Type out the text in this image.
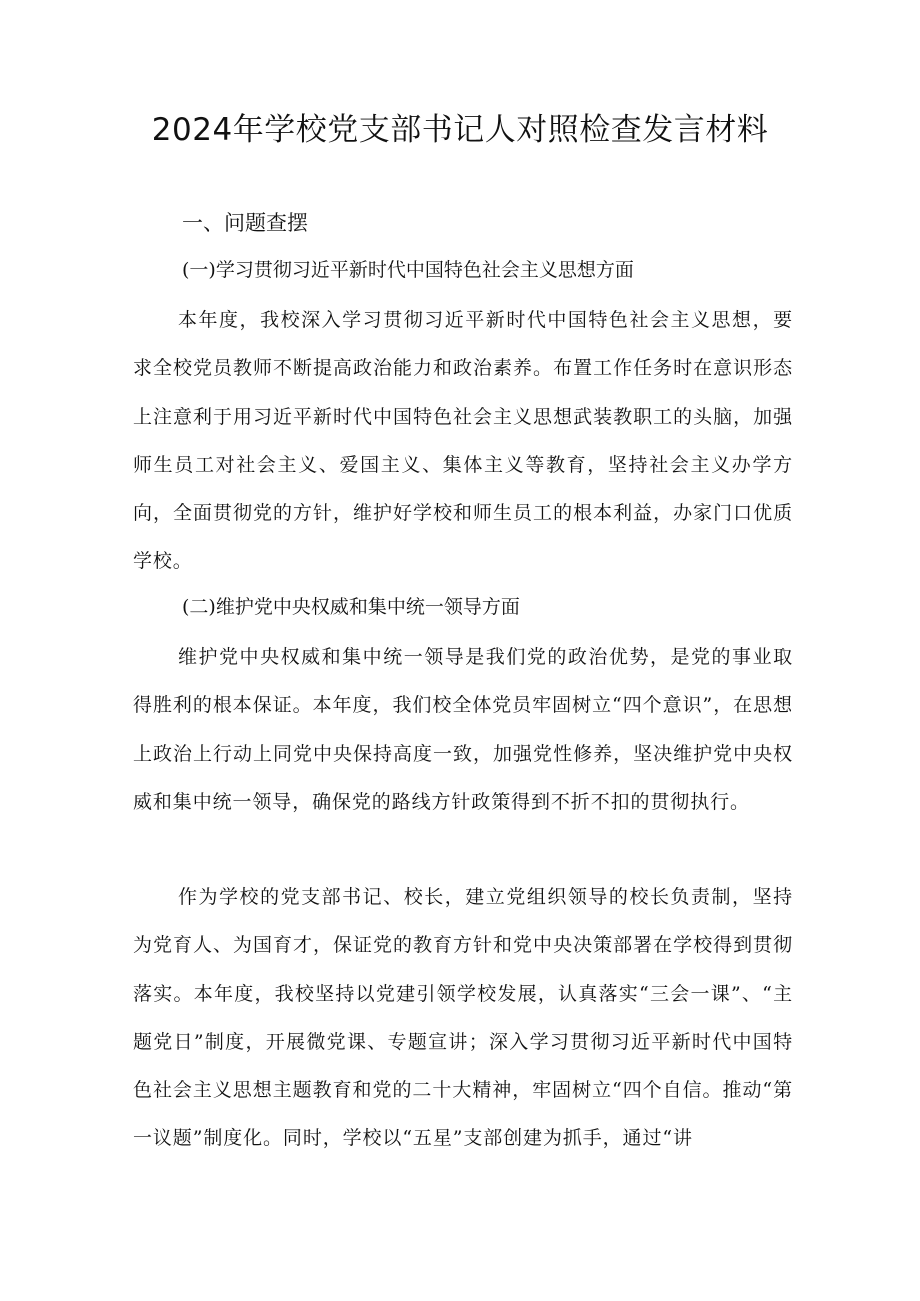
2024年学校党支部书记人对照检查发言材料
一、问题查摆
(一)学习贯彻习近平新时代中国特色社会主义思想方面

本年度，我校深入学习贯彻习近平新时代中国特色社会主义思想，要求全校党员教师不断提高政治能力和政治素养。布置工作任务时在意识形态上注意利于用习近平新时代中国特色社会主义思想武装教职工的头脑，加强师生员工对社会主义、爱国主义、集体主义等教育，坚持社会主义办学方向，全面贯彻党的方针，维护好学校和师生员工的根本利益，办家门口优质学校。

(二)维护党中央权威和集中统一领导方面

维护党中央权威和集中统一领导是我们党的政治优势，是党的事业取得胜利的根本保证。本年度，我们校全体党员牢固树立“四个意识”，在思想上政治上行动上同党中央保持高度一致，加强党性修养，坚决维护党中央权威和集中统一领导，确保党的路线方针政策得到不折不扣的贯彻执行。

作为学校的党支部书记、校长，建立党组织领导的校长负责制，坚持为党育人、为国育才，保证党的教育方针和党中央决策部署在学校得到贯彻落实。本年度，我校坚持以党建引领学校发展，认真落实“三会一课”、“主题党日”制度，开展微党课、专题宣讲；深入学习贯彻习近平新时代中国特色社会主义思想主题教育和党的二十大精神，牢固树立“四个自信。推动“第一议题”制度化。同时，学校以“五星”支部创建为抓手，通过“讲
